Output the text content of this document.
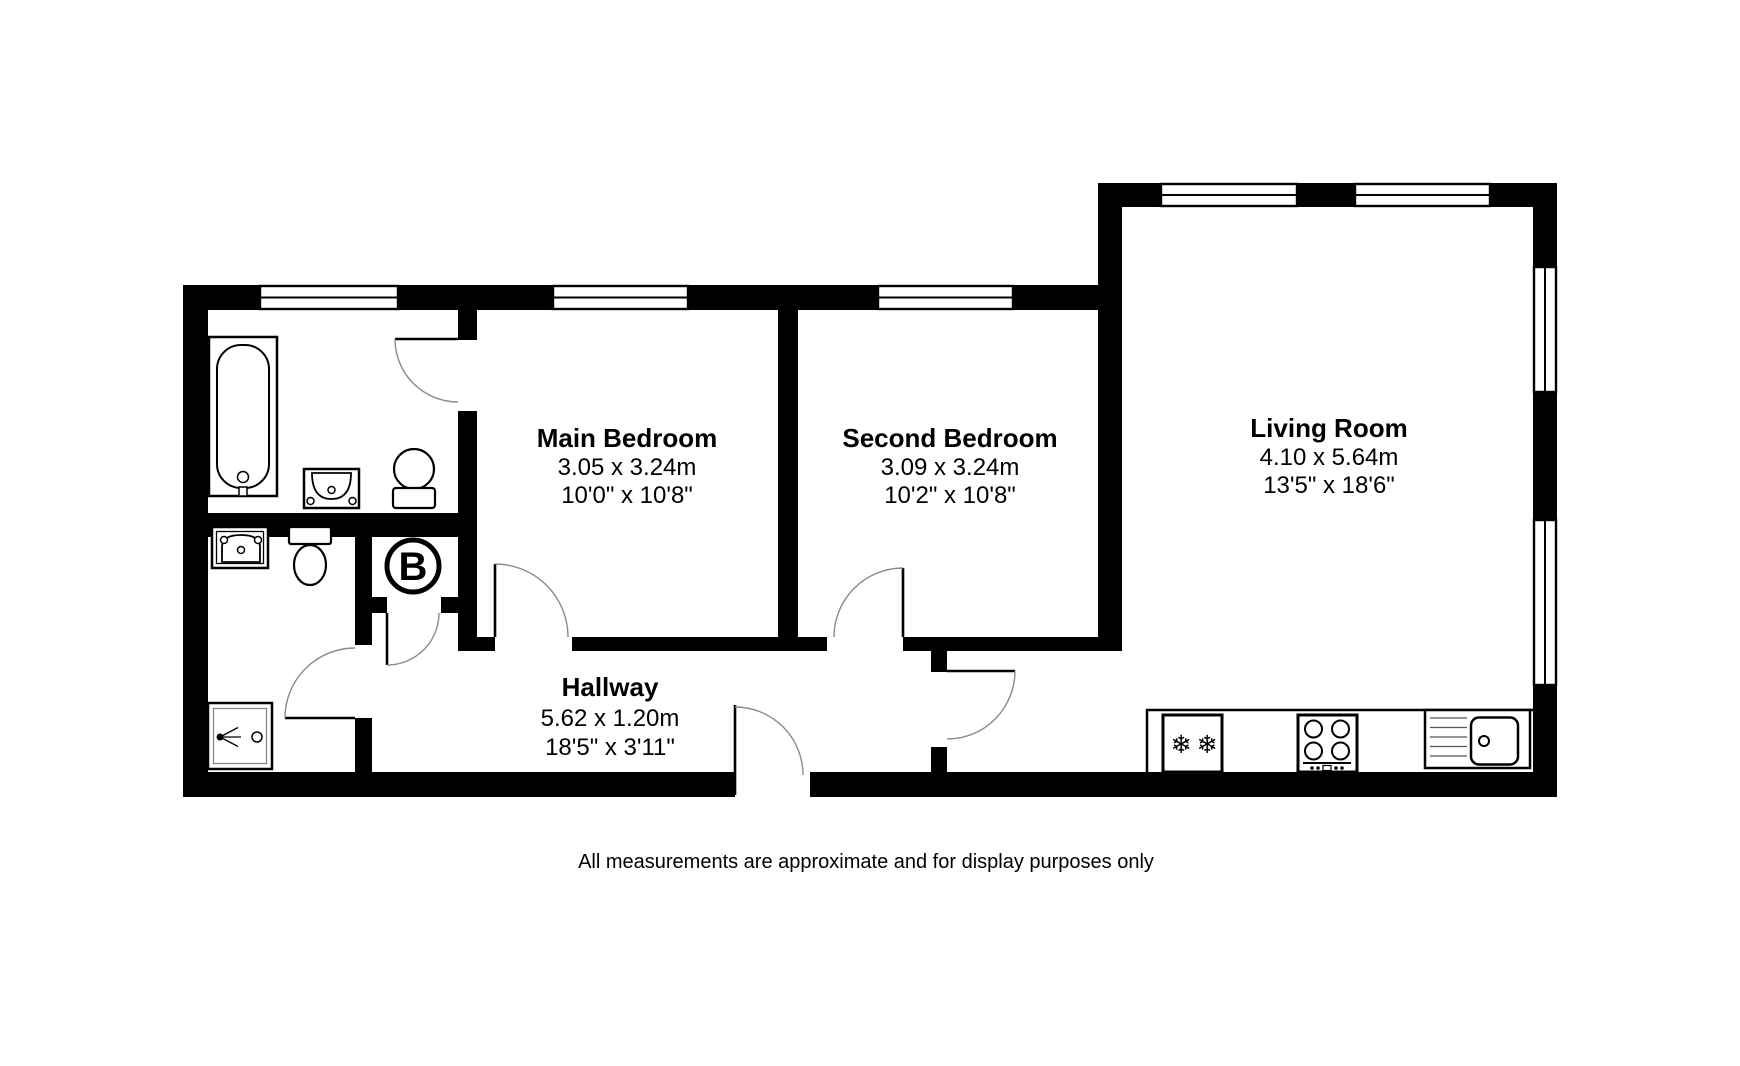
❄ ❄
B
Main Bedroom
3.05 x 3.24m
10'0" x 10'8"
Second Bedroom
3.09 x 3.24m
10'2" x 10'8"
Living Room
4.10 x 5.64m
13'5" x 18'6"
Hallway
5.62 x 1.20m
18'5" x 3'11"
All measurements are approximate and for display purposes only
